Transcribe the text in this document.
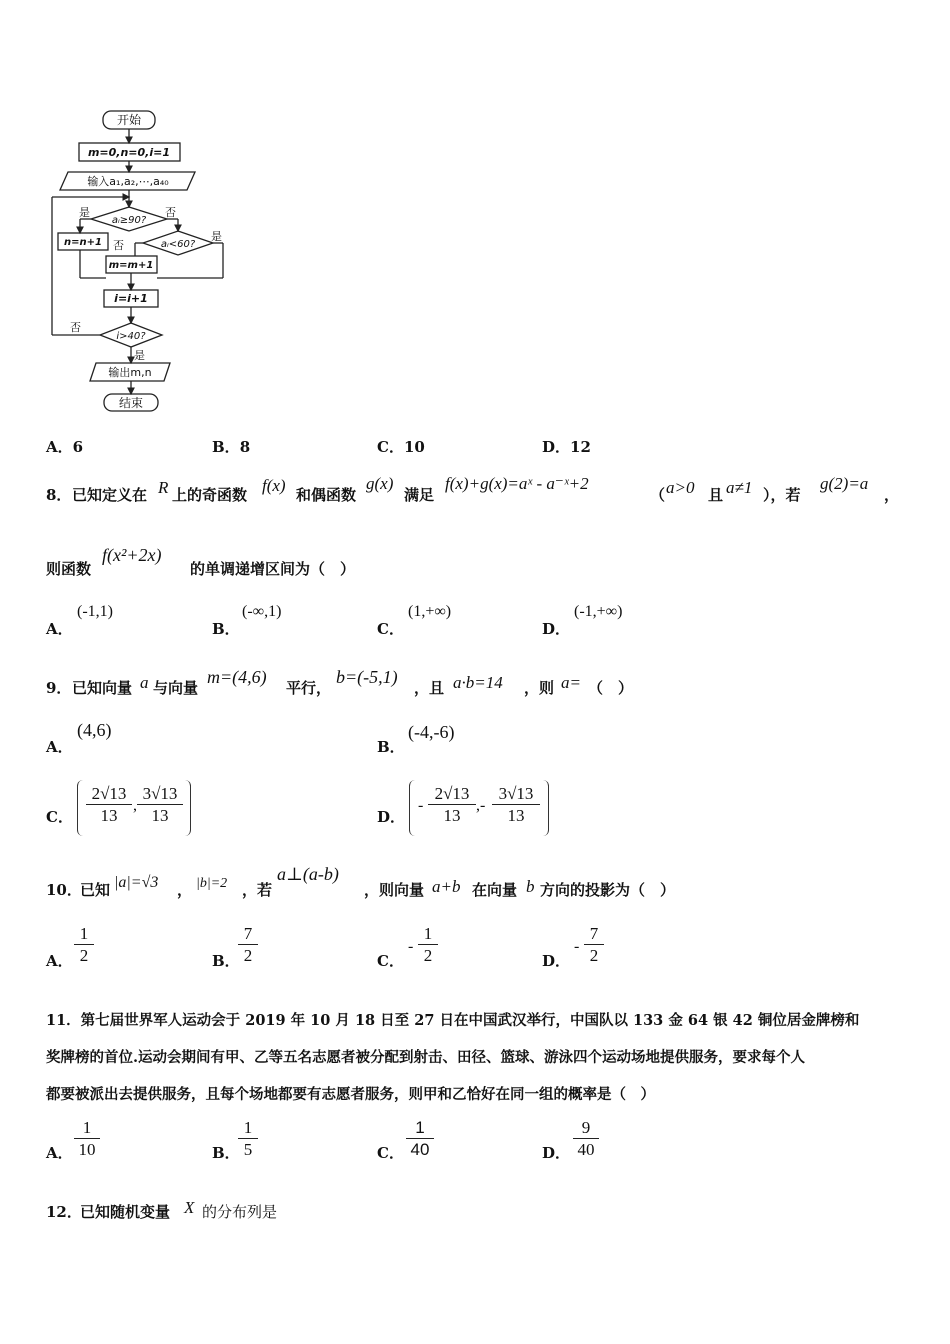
开始
m=0,n=0,i=1
输入a₁,a₂,⋯,a₄₀
aᵢ≥90?
是	否
n=n+1	aᵢ<60?
否
是
m=m+1
i=i+1
i>40?
否
是
输出m,n
结束
A．6	B．8	C．10	D．12
8． 已知定义在 R 上的奇函数 f(x) 和偶函数
g(x)
满足
f(x)+g(x)=aˣ - a⁻ˣ+2
（ a>0 且 a≠1 ），若
g(2)=a
，
则函数
f(x²+2x)
的单调递增区间为（　）
A．
(-1,1)
B．
(-∞,1)
C．
(1,+∞)
D．
(-1,+∞)
9． 已知向量 a 与向量
m=(4,6)
平行，
b=(-5,1)
，且 a·b=14 ，则 a= （　）
A．
(4,6)
B．
(-4,-6)
C． $\frac{2√13}{13}$ , $\frac{3√13}{13}$	D．
- $\frac{2√13}{13}$ ,- $\frac{3√13}{13}$
10．
已知 |a|=√3 ， |b|=2 ，若
a⊥(a-b)
，则向量 a+b 在向量 b 方向的投影为（　）
A． $\frac{1}{2}$	B．
$\frac{7}{2}$	C．
- $\frac{1}{2}$	D．
- $\frac{7}{2}$
11．第七届世界军人运动会于 2019 年 10 月 18 日至 27 日在中国武汉举行，中国队以 133 金 64 银 42 铜位居金牌榜和
奖牌榜的首位.运动会期间有甲、乙等五名志愿者被分配到射击、田径、篮球、游泳四个运动场地提供服务，要求每个人
都要被派出去提供服务，且每个场地都要有志愿者服务，则甲和乙恰好在同一组的概率是（　）
A． $\frac{1}{10}$	B．
$\frac{1}{5}$	C． $\frac{1}{40}$	D． $\frac{9}{40}$
12．
已知随机变量 X 的分布列是
